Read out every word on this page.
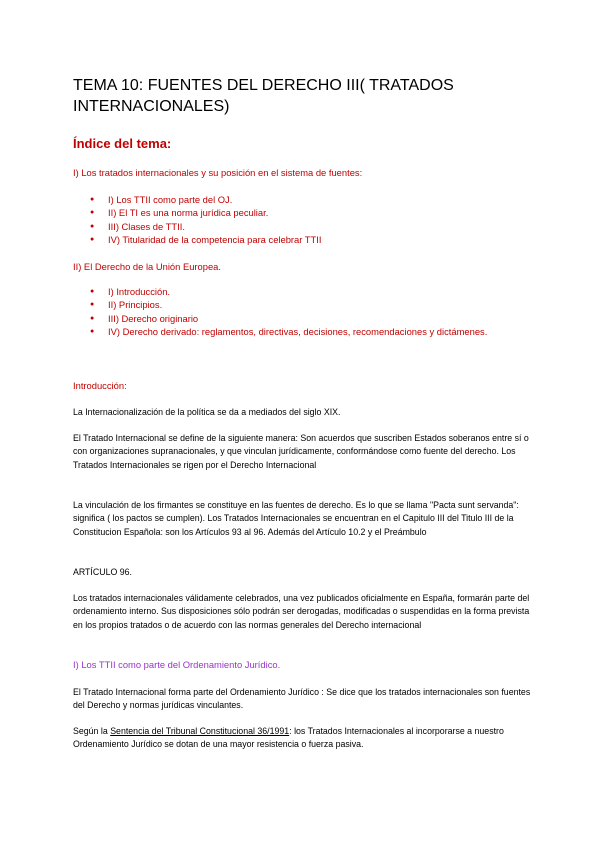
TEMA 10: FUENTES DEL DERECHO III( TRATADOS INTERNACIONALES)
Índice del tema:

I) Los tratados internacionales y su posición en el sistema de fuentes:

● I) Los TTII como parte del OJ.
● II) El TI es una norma jurídica peculiar.
● III) Clases de TTII.
● IV) Titularidad de la competencia para celebrar TTII

II) El Derecho de la Unión Europea.

● I) Introducción.
● II) Principios.
● III) Derecho originario
● IV) Derecho derivado: reglamentos, directivas, decisiones, recomendaciones y dictámenes.

Introducción:

La Internacionalización de la política se da a mediados del siglo XIX.

El Tratado Internacional se define de la siguiente manera: Son acuerdos que suscriben Estados soberanos entre sí o con organizaciones supranacionales, y que vinculan jurídicamente, conformándose como fuente del derecho. Los Tratados Internacionales se rigen por el Derecho Internacional

La vinculación de los firmantes se constituye en las fuentes de derecho. Es lo que se llama "Pacta sunt servanda": significa ( los pactos se cumplen). Los Tratados Internacionales se encuentran en el Capitulo III del Titulo III de la Constitucion Española: son los Artículos 93 al 96. Además del Artículo 10.2 y el Preámbulo

ARTÍCULO 96.

Los tratados internacionales válidamente celebrados, una vez publicados oficialmente en España, formarán parte del ordenamiento interno. Sus disposiciones sólo podrán ser derogadas, modificadas o suspendidas en la forma prevista en los propios tratados o de acuerdo con las normas generales del Derecho internacional

I) Los TTII como parte del Ordenamiento Jurídico.

El Tratado Internacional forma parte del Ordenamiento Jurídico : Se dice que los tratados internacionales son fuentes del Derecho y normas jurídicas vinculantes.

Según la Sentencia del Tribunal Constitucional 36/1991: los Tratados Internacionales al incorporarse a nuestro Ordenamiento Jurídico se dotan de una mayor resistencia o fuerza pasiva.
